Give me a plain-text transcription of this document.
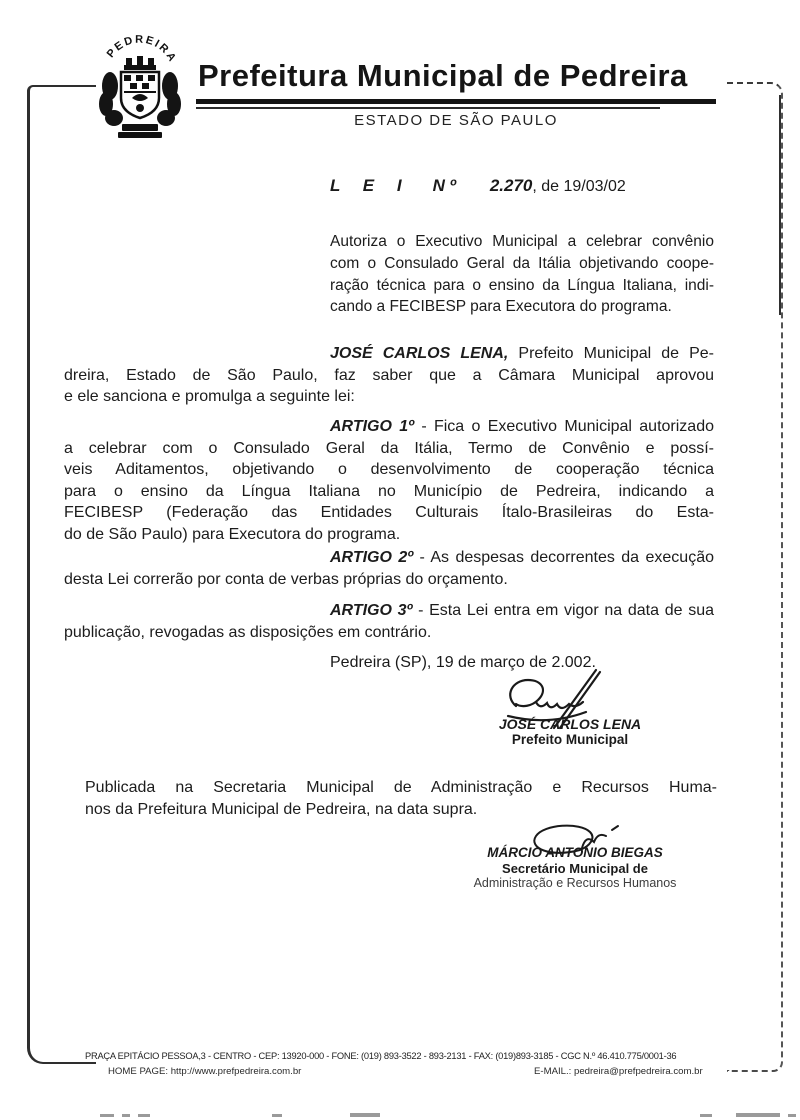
PEDREIRA
Prefeitura Municipal de Pedreira
ESTADO DE SÃO PAULO
L E I N º 2.270, de 19/03/02
Autoriza o Executivo Municipal a celebrar convênio
com o Consulado Geral da Itália objetivando coope-
ração técnica para o ensino da Língua Italiana, indi-
cando a FECIBESP para Executora do programa.
JOSÉ CARLOS LENA, Prefeito Municipal de Pe-
dreira, Estado de São Paulo, faz saber que a Câmara Municipal aprovou
e ele sanciona e promulga a seguinte lei:
ARTIGO 1º - Fica o Executivo Municipal autorizado
a celebrar com o Consulado Geral da Itália, Termo de Convênio e possí-
veis Aditamentos, objetivando o desenvolvimento de cooperação técnica
para o ensino da Língua Italiana no Município de Pedreira, indicando a
FECIBESP (Federação das Entidades Culturais Ítalo-Brasileiras do Esta-
do de São Paulo) para Executora do programa.
ARTIGO 2º - As despesas decorrentes da execução
desta Lei correrão por conta de verbas próprias do orçamento.
ARTIGO 3º - Esta Lei entra em vigor na data de sua
publicação, revogadas as disposições em contrário.
Pedreira (SP), 19 de março de 2.002.
JOSÉ CARLOS LENA
Prefeito Municipal
Publicada na Secretaria Municipal de Administração e Recursos Huma-
nos da Prefeitura Municipal de Pedreira, na data supra.
MÁRCIO ANTONIO BIEGAS
Secretário Municipal de
Administração e Recursos Humanos
PRAÇA EPITÁCIO PESSOA,3 - CENTRO - CEP: 13920-000 - FONE: (019) 893-3522 - 893-2131 - FAX: (019)893-3185 - CGC N.º 46.410.775/0001-36
HOME PAGE: http://www.prefpedreira.com.br	E-MAIL.: pedreira@prefpedreira.com.br
